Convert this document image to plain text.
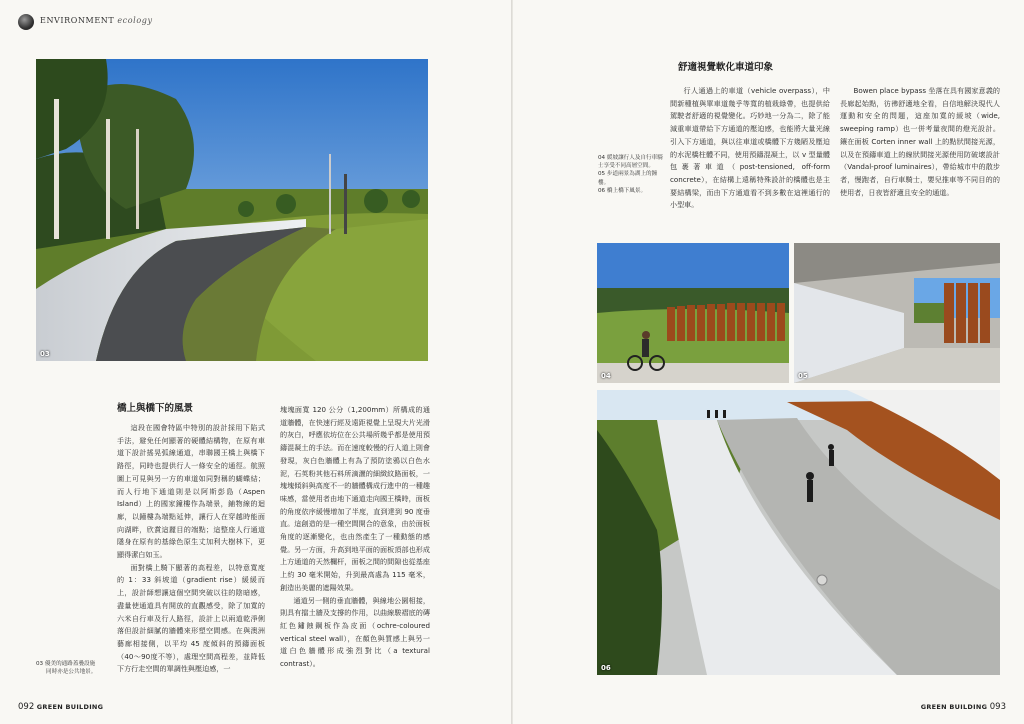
ENVIRONMENT ecology
03
橋上與橋下的風景

這段在國會特區中特別的設計採用下陷式手法，避免任何顯著的硬體結構物，在原有車道下設計搖晃弧線通道，串聯國王橋上與橋下路徑，同時也提供行人一條安全的通徑。航照圖上可見與另一方的車道如同對稱的蝴蝶結；而人行地下通道則是以阿斯彭島（Aspen Island）上的國家鐘樓作為端景，鋪物線的迴廊，以鐘樓為端點延伸，讓行人在穿越時能面向湖畔，欣賞這麗目的端點；這整座人行通道隱身在原有的基綠色原生丈加利大樹林下，更顯得潔白如玉。

面對橋上騎下顯著的高程差，以特意寬度的 1：33 斜坡道（gradient rise）緩緩而上，設計師想讓這個空間突破以往的陰暗感，盡量使通道具有開放的直觀感受，除了加寬的六米自行車及行人路徑，設計上以兩道乾淨俐落但設計細膩的牆體來形塑空間感。在與澳洲藝廊相接側，以平均 45 度傾斜的預鑄面板（40～90度不等），處理空間高程差，並降低下方行走空間的單調性與壓迫感，一

塊塊面寬 120 公分（1,200mm）所構成的通道牆體，在快速行經及遠距視覺上呈現大片光滑的灰白，呼應依坊位在公共場所幾乎都是使用預鑄混凝土的手法。而在速度較慢的行人道上則會發現，灰白色牆體上有為了預防塗鴉以白色水泥，石英粉其他石料所滴灑的細緻紋路面板，一塊塊傾斜與高度不一的牆體構成行進中的一種趣味感，當使用者由地下通道走向國王橋時，面板的角度依序緩慢增加了半度，直到達到 90 度垂直。這創造的是一種空間開合的意象，由於面板角度的逐漸變化，也由然產生了一種動態的感覺。另一方面，升高到地平面的面板頂部也形成上方通道的天然欄杆，面板之間的間隙也從基座上約 30 毫米開始，升到最高處為 115 毫米，創造出美麗的遮陽效果。

通道另一側的垂直牆體，與線地公園相接，則具有擋土牆及支撐的作用，以曲線駿褶底的磚紅色鏽蝕鋼板作為皮面（ochre-coloured vertical steel wall），在顏色與質感上與另一道白色牆體形成強烈對比（a textural contrast）。

03 優美的通路蓋疊設施
同時亦是公共地景。
092 GREEN BUILDING
舒適視覺軟化車道印象

行人通過上的車道（vehicle overpass），中間新種植與單車道幾乎等寬的植栽綠帶，也提供給駕駛者舒適的視覺變化。巧妙地一分為二，除了能減重車道帶給下方通道的壓迫感，也能將大量光線引入下方通道，與以往車道或橋體下方幾陋及壓迫的水泥橋柱體不同，使用預鑄混凝土，以 v 型量體包裹著車道（post-tensioned, off-form concrete），在結構上遠稱特殊設計的橋體也是主要結構梁，而由下方通道看不到多數在這裡通行的小型車。

Bowen place bypass 坐落在具有國家意義的長廊起始點，彷彿舒適地全看，自信地解決現代人運動和安全的問題，這座加寬的緩坡（wide, sweeping ramp）也一併考量夜間的燈光設計。鑲在面板 Corten inner wall 上的點狀間接光源，以及在預鑄車道上的線狀間接光源使用防破壞設計（Vandal-proof luminaires），帶給城市中的散步者，慢跑者，自行車騎士，嬰兒推車等不同目的的使用者，日夜皆舒適且安全的通道。

04 緩坡讓行人及自行車騎士享受不同高層空間。
05 步道兩景為湖上的鐘樓。
06 橋上橋下風景。
04	05
06
GREEN BUILDING 093
